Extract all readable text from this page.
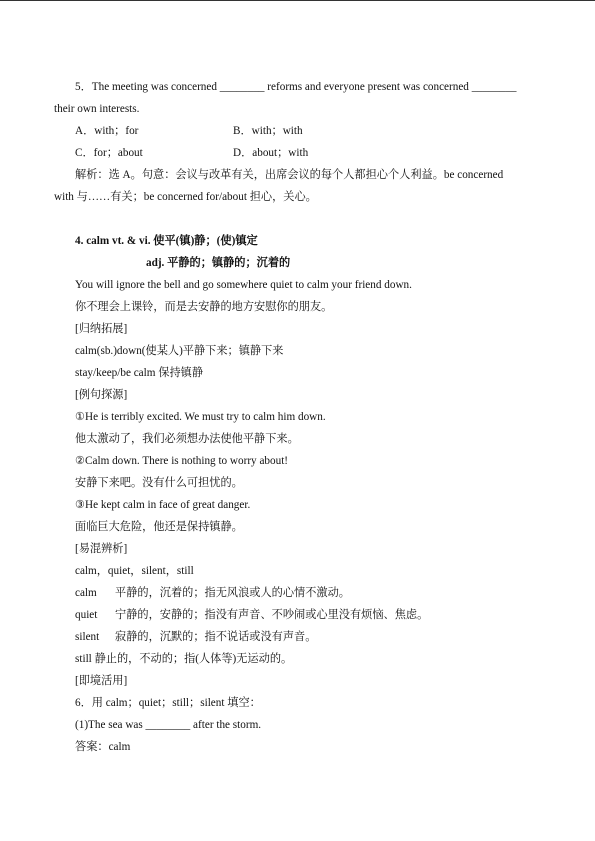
5．The meeting was concerned ________ reforms and everyone present was concerned ________
their own interests.
A．with；for	B．with；with
C．for；about	D．about；with
解析：选 A。句意：会议与改革有关，出席会议的每个人都担心个人利益。be concerned
with 与……有关；be concerned for/about 担心，关心。
4. calm vt. & vi. 使平(镇)静；(使)镇定
adj. 平静的；镇静的；沉着的
You will ignore the bell and go somewhere quiet to calm your friend down.
你不理会上课铃，而是去安静的地方安慰你的朋友。
[归纳拓展]
calm(sb.)down(使某人)平静下来；镇静下来
stay/keep/be calm 保持镇静
[例句探源]
①He is terribly excited. We must try to calm him down.
他太激动了，我们必须想办法使他平静下来。
②Calm down. There is nothing to worry about!
安静下来吧。没有什么可担忧的。
③He kept calm in face of great danger.
面临巨大危险，他还是保持镇静。
[易混辨析]
calm，quiet，silent，still
calm 平静的，沉着的；指无风浪或人的心情不激动。
quiet 宁静的，安静的；指没有声音、不吵闹或心里没有烦恼、焦虑。
silent 寂静的，沉默的；指不说话或没有声音。
still 静止的，不动的；指(人体等)无运动的。
[即境活用]
6．用 calm；quiet；still；silent 填空：
(1)The sea was ________ after the storm.
答案：calm
